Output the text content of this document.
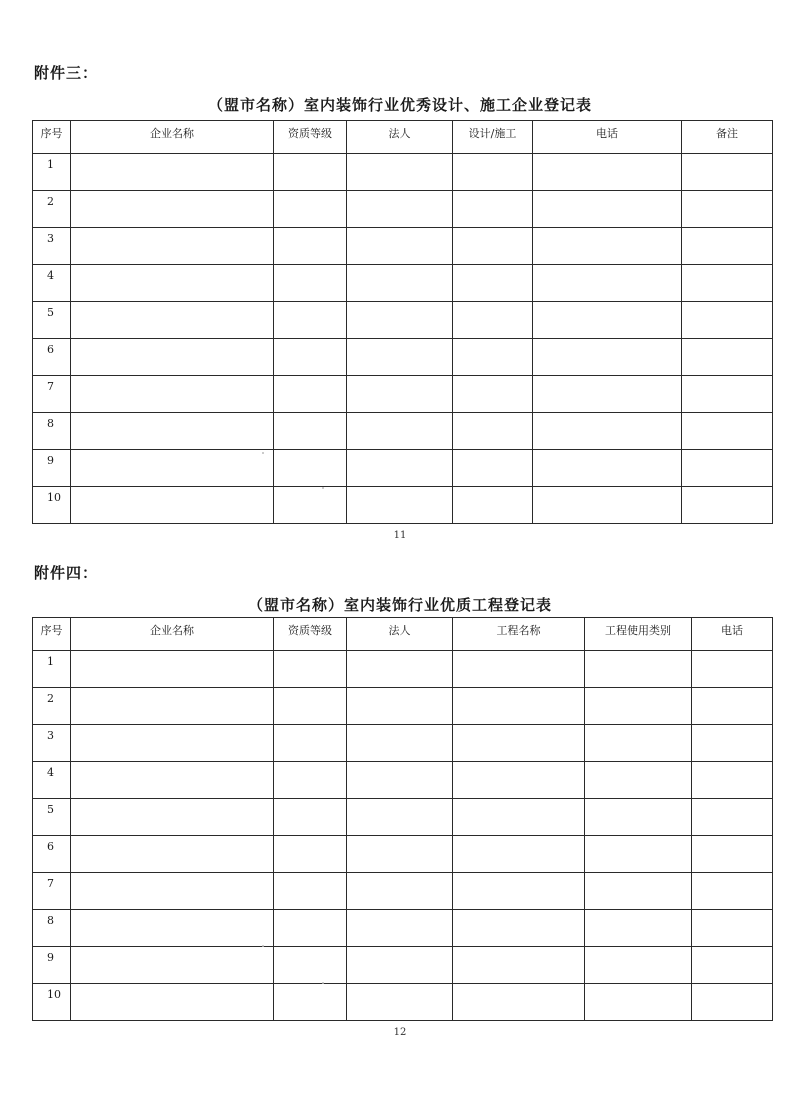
附件三：
（盟市名称）室内装饰行业优秀设计、施工企业登记表
序号	企业名称	资质等级	法人	设计/施工	电话	备注
1						
2						
3						
4						
5						
6						
7						
8						
9						
10						
11
附件四：
（盟市名称）室内装饰行业优质工程登记表
序号	企业名称	资质等级	法人	工程名称	工程使用类别	电话
1						
2						
3						
4						
5						
6						
7						
8						
9						
10						
12
